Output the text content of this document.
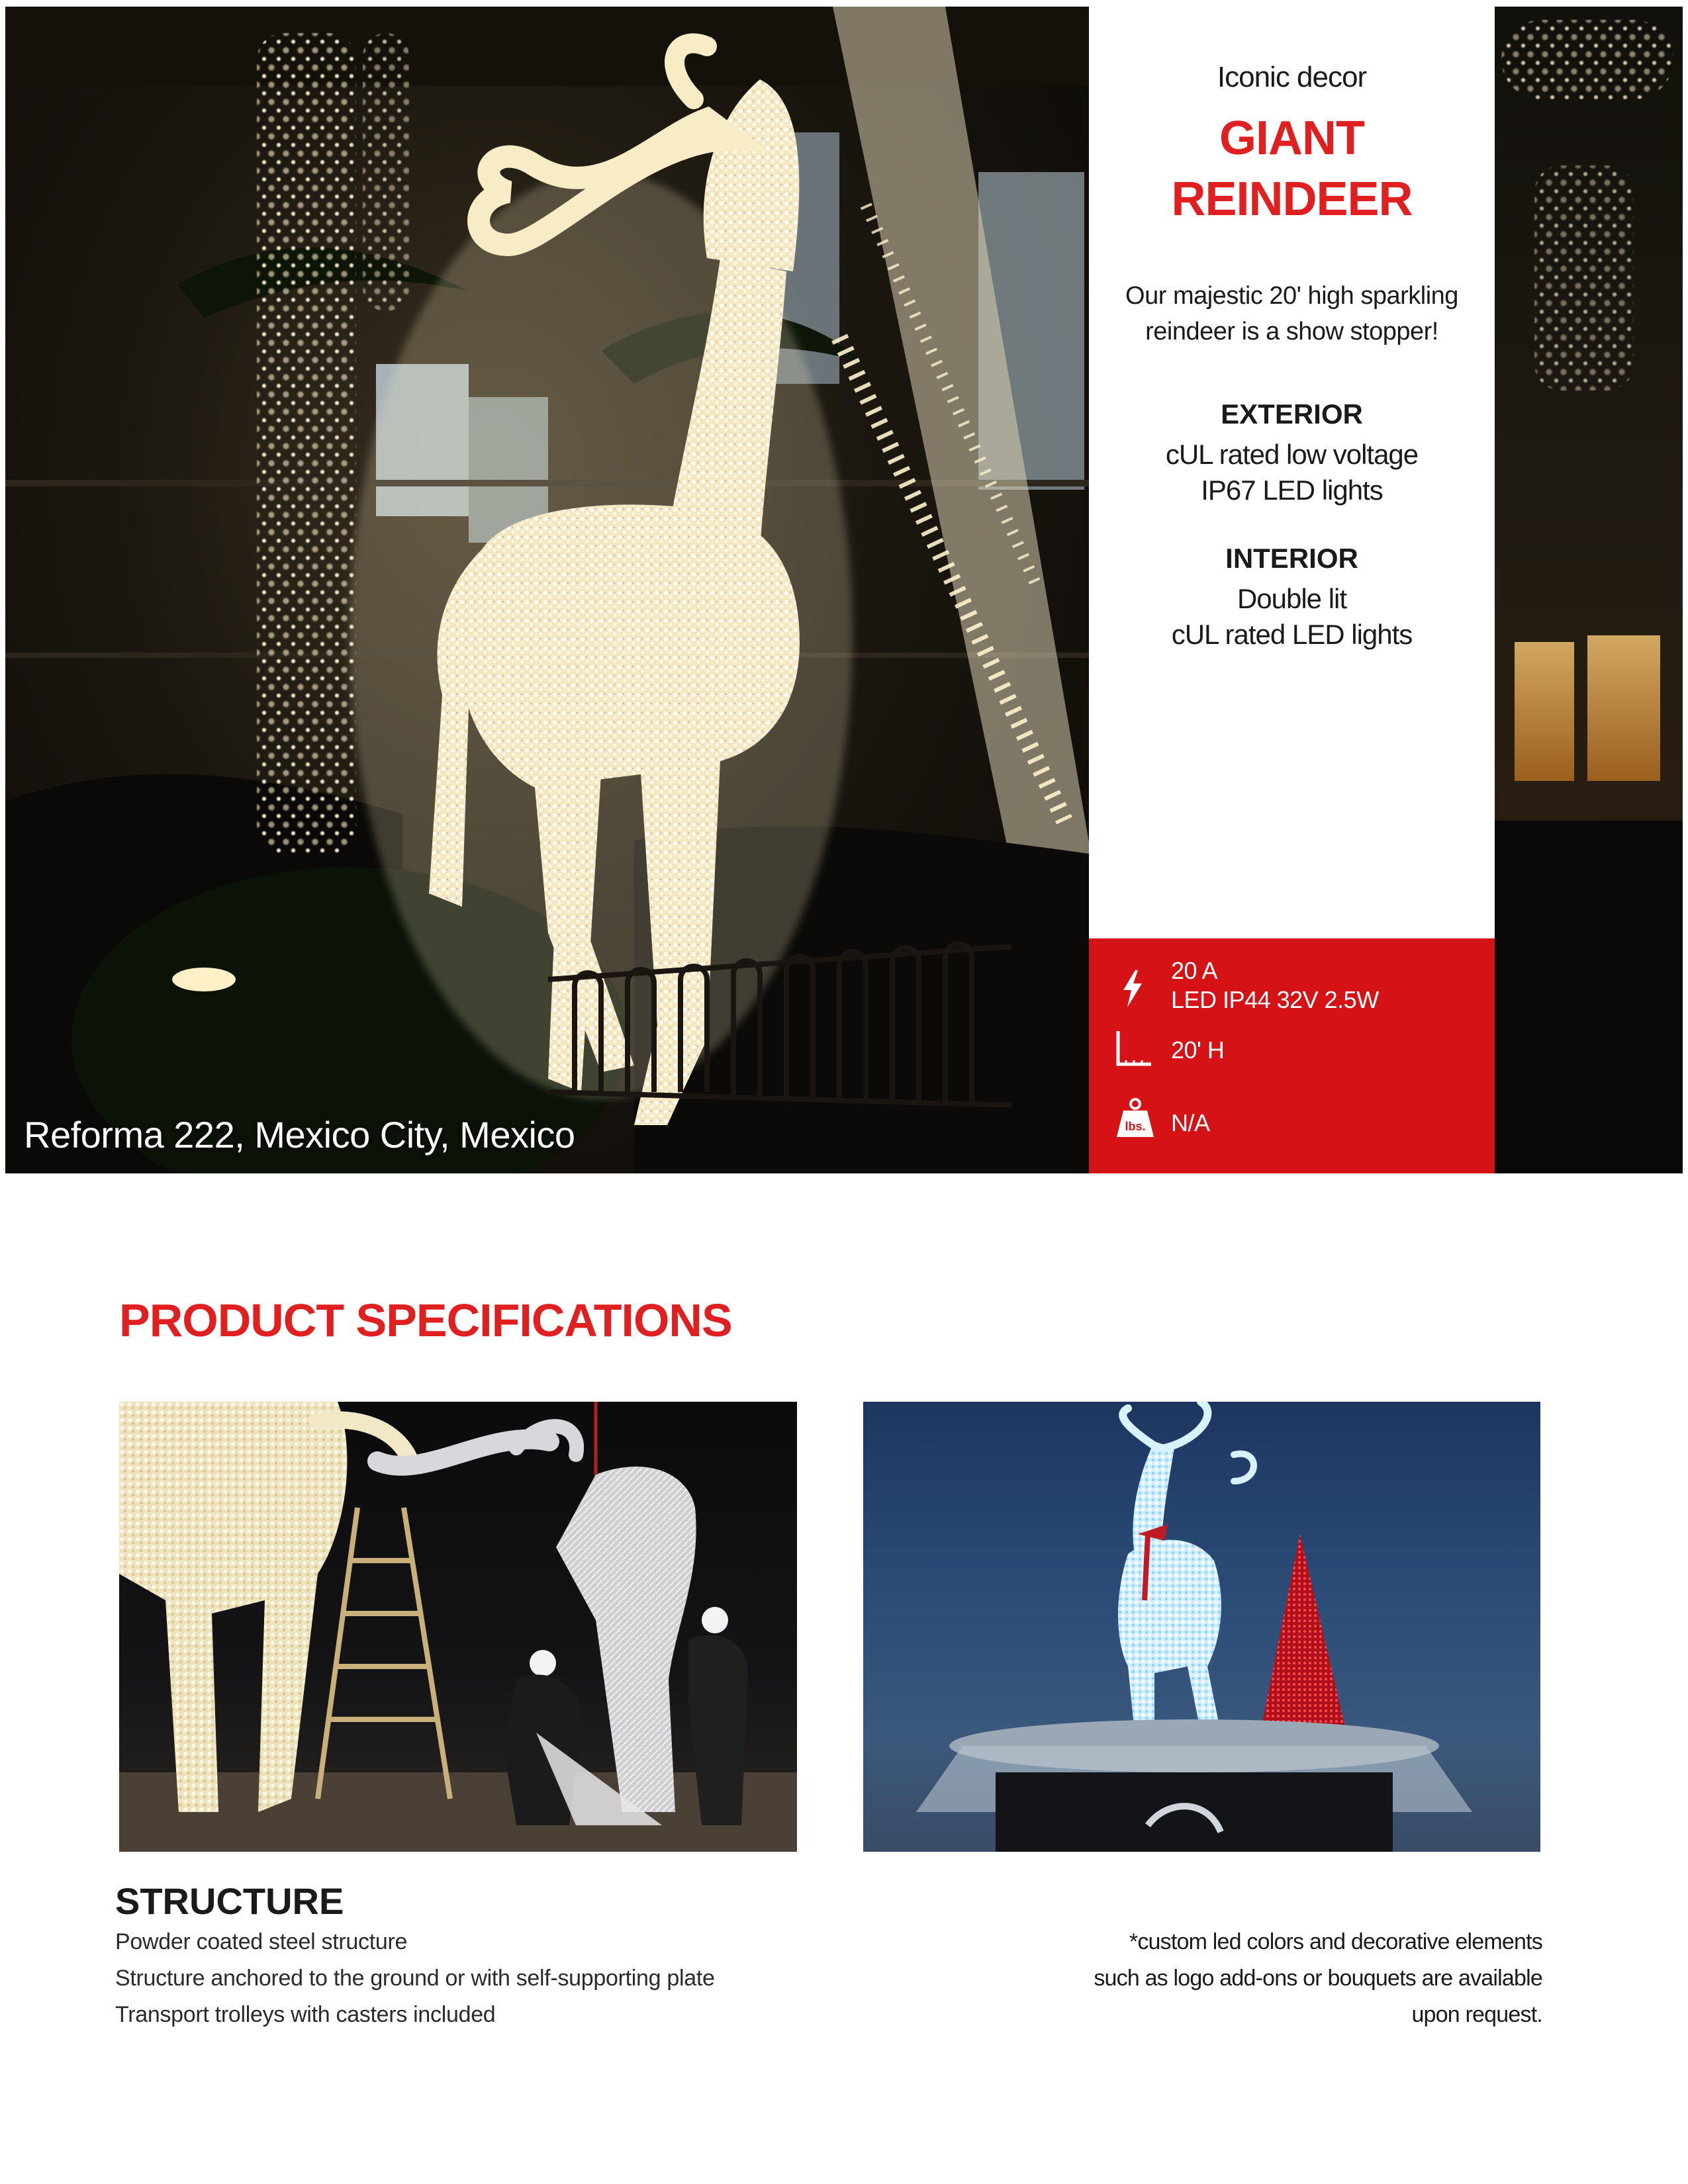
Reforma 222, Mexico City, Mexico
Iconic decor
GIANT
REINDEER
Our majestic 20' high sparkling
reindeer is a show stopper!
EXTERIOR
cUL rated low voltage
IP67 LED lights
INTERIOR
Double lit
cUL rated LED lights
20 A
LED IP44 32V 2.5W
20' H
lbs. N/A
PRODUCT SPECIFICATIONS
STRUCTURE
Powder coated steel structure
Structure anchored to the ground or with self-supporting plate
Transport trolleys with casters included
*custom led colors and decorative elements
such as logo add-ons or bouquets are available
upon request.
